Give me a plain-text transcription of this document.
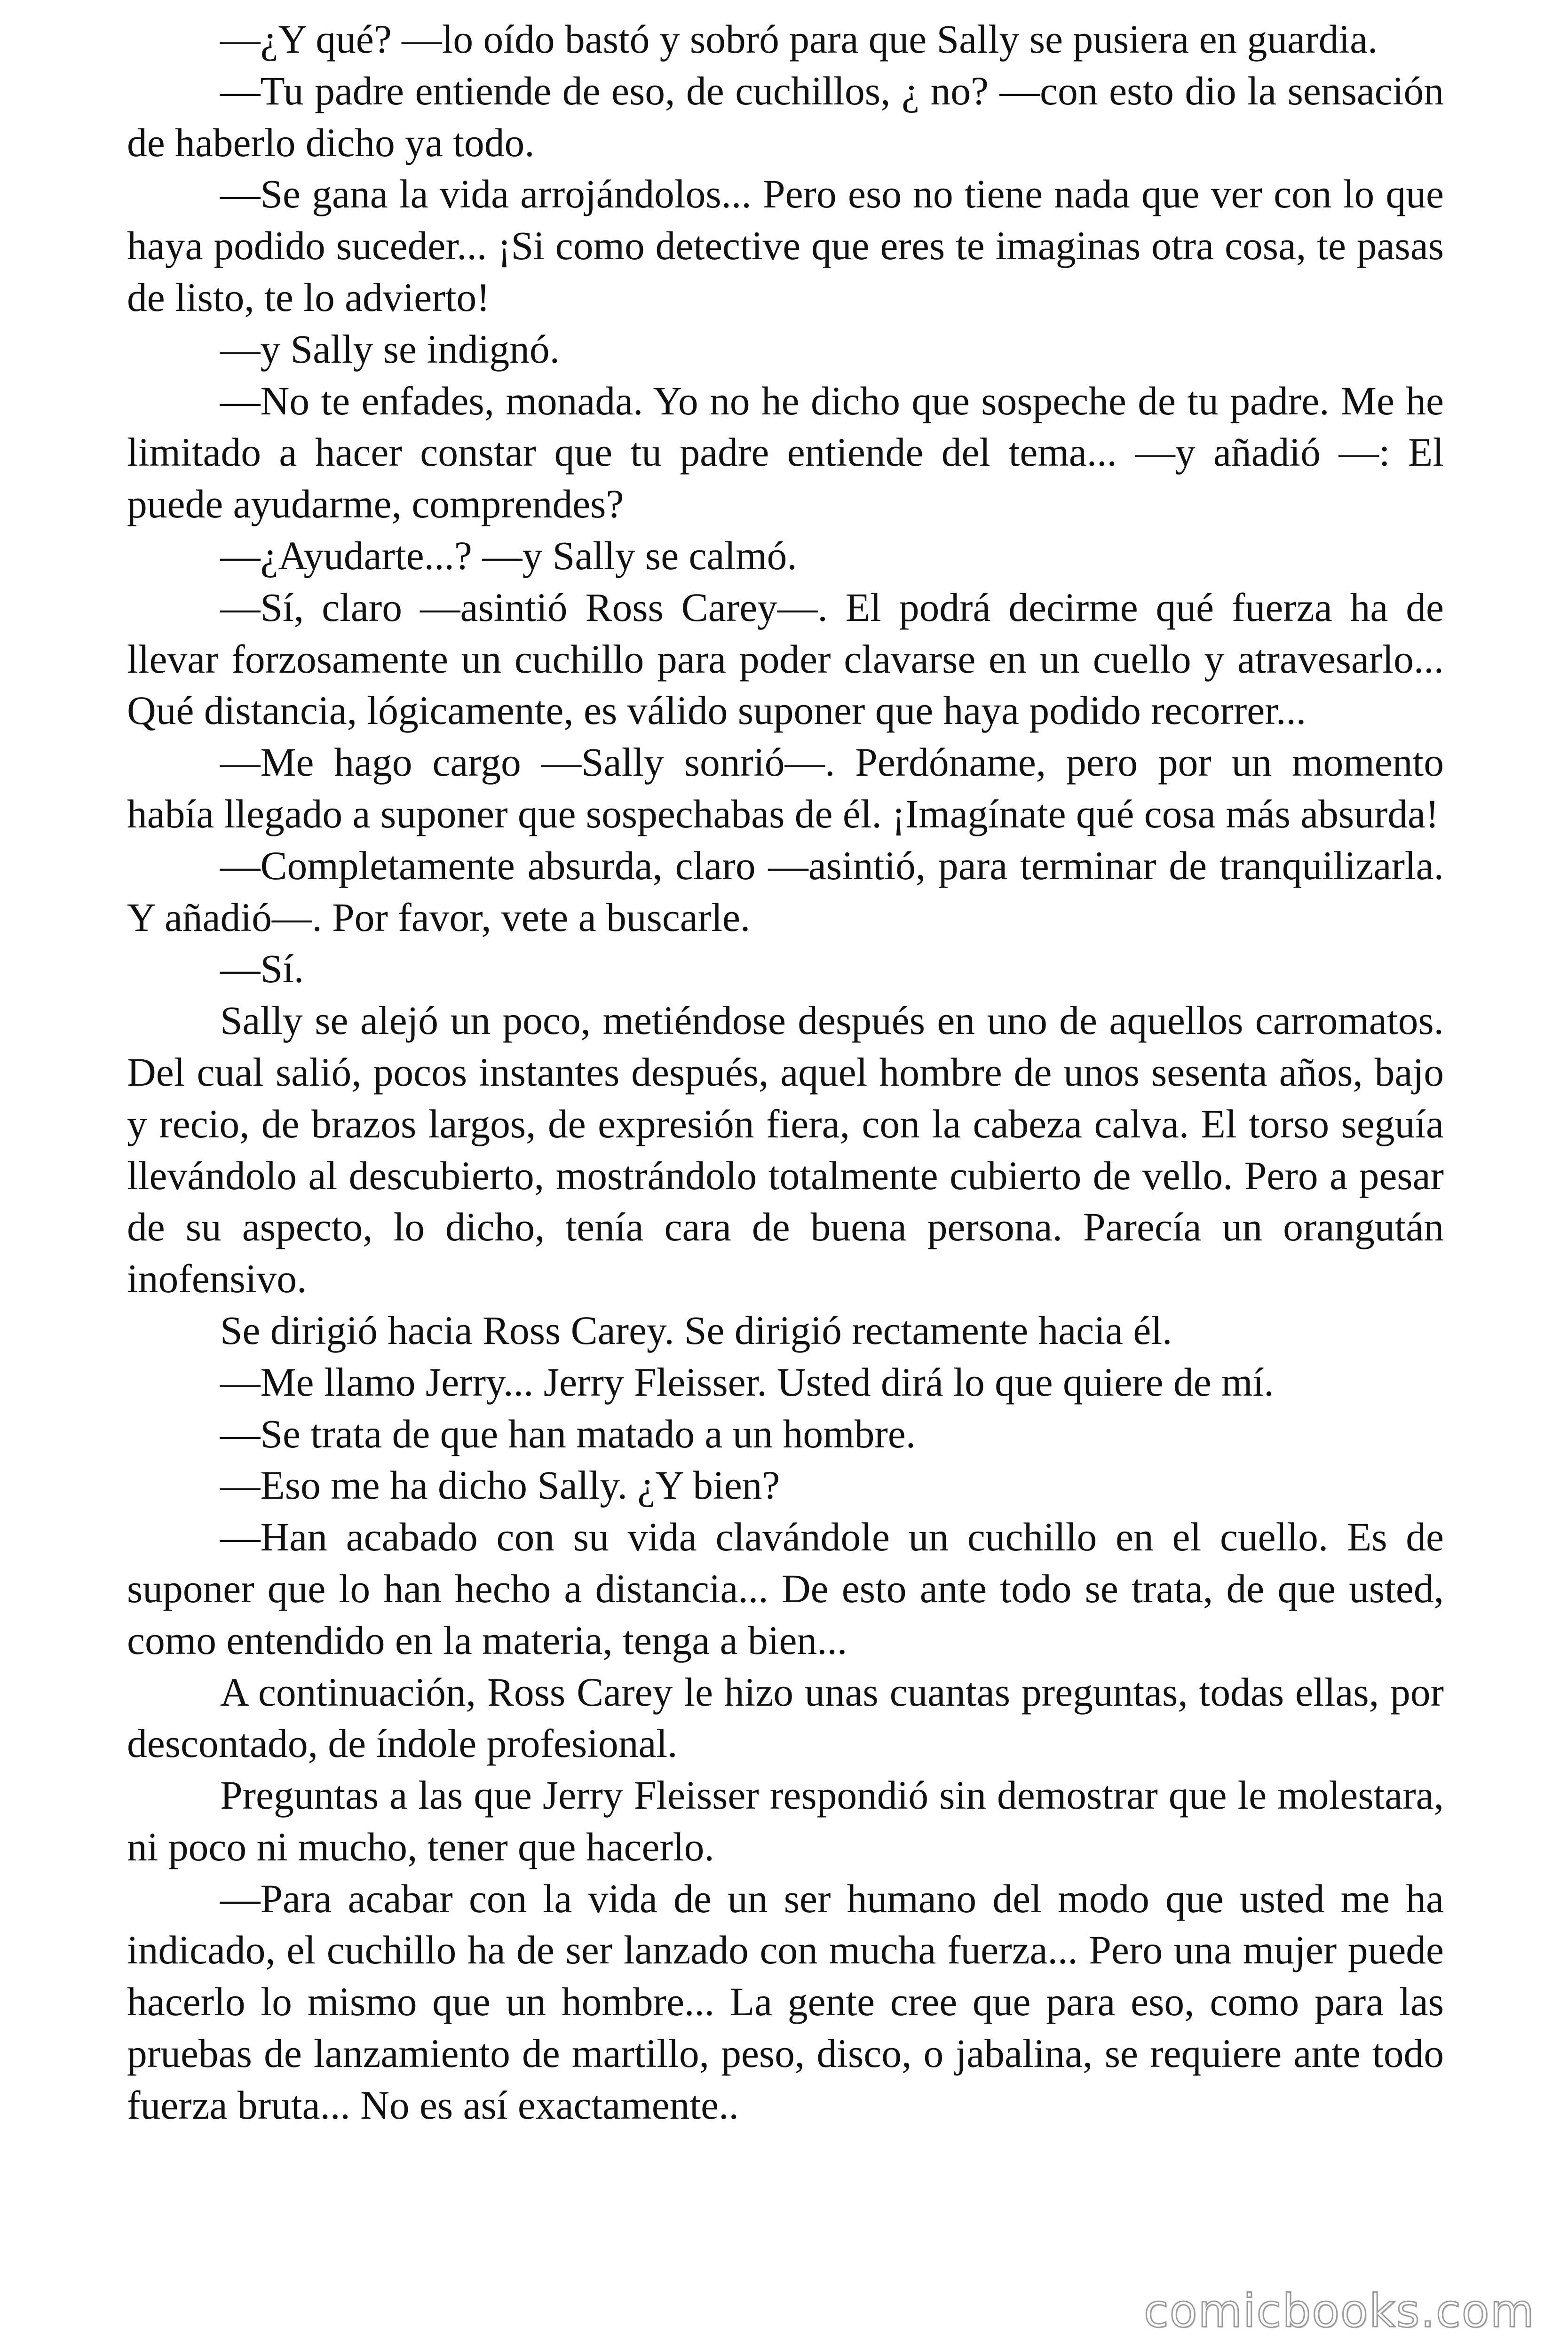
—¿Y qué? —lo oído bastó y sobró para que Sally se pusiera en guardia.

—Tu padre entiende de eso, de cuchillos, ¿ no? —con esto dio la sensación de haberlo dicho ya todo.

—Se gana la vida arrojándolos... Pero eso no tiene nada que ver con lo que haya podido suceder... ¡Si como detective que eres te imaginas otra cosa, te pasas de listo, te lo advierto!

—y Sally se indignó.

—No te enfades, monada. Yo no he dicho que sospeche de tu padre. Me he limitado a hacer constar que tu padre entiende del tema... —y añadió —: El puede ayudarme, comprendes?

—¿Ayudarte...? —y Sally se calmó.

—Sí, claro —asintió Ross Carey—. El podrá decirme qué fuerza ha de llevar forzosamente un cuchillo para poder clavarse en un cuello y atravesarlo... Qué distancia, lógicamente, es válido suponer que haya podido recorrer...

—Me hago cargo —Sally sonrió—. Perdóname, pero por un momento había llegado a suponer que sospechabas de él. ¡Imagínate qué cosa más absurda!

—Completamente absurda, claro —asintió, para terminar de tranquilizarla. Y añadió—. Por favor, vete a buscarle.

—Sí.

Sally se alejó un poco, metiéndose después en uno de aquellos carromatos. Del cual salió, pocos instantes después, aquel hombre de unos sesenta años, bajo y recio, de brazos largos, de expresión fiera, con la cabeza calva. El torso seguía llevándolo al descubierto, mostrándolo totalmente cubierto de vello. Pero a pesar de su aspecto, lo dicho, tenía cara de buena persona. Parecía un orangután inofensivo.

Se dirigió hacia Ross Carey. Se dirigió rectamente hacia él.

—Me llamo Jerry... Jerry Fleisser. Usted dirá lo que quiere de mí.

—Se trata de que han matado a un hombre.

—Eso me ha dicho Sally. ¿Y bien?

—Han acabado con su vida clavándole un cuchillo en el cuello. Es de suponer que lo han hecho a distancia... De esto ante todo se trata, de que usted, como entendido en la materia, tenga a bien...

A continuación, Ross Carey le hizo unas cuantas preguntas, todas ellas, por descontado, de índole profesional.

Preguntas a las que Jerry Fleisser respondió sin demostrar que le molestara, ni poco ni mucho, tener que hacerlo.

—Para acabar con la vida de un ser humano del modo que usted me ha indicado, el cuchillo ha de ser lanzado con mucha fuerza... Pero una mujer puede hacerlo lo mismo que un hombre... La gente cree que para eso, como para las pruebas de lanzamiento de martillo, peso, disco, o jabalina, se requiere ante todo fuerza bruta... No es así exactamente..

comicbooks.com
